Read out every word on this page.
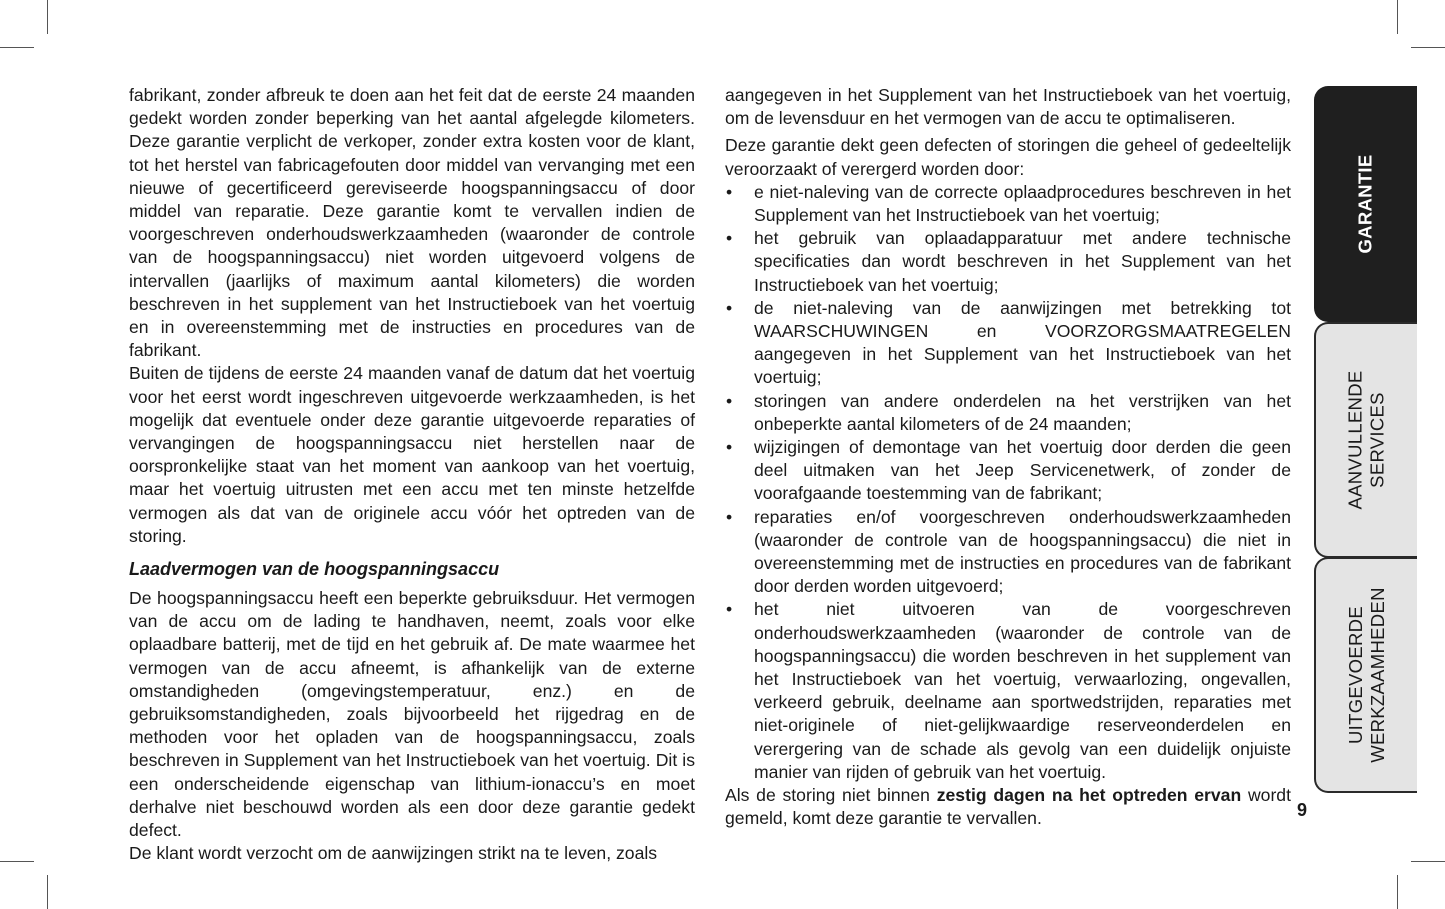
fabrikant, zonder afbreuk te doen aan het feit dat de eerste 24 maanden gedekt worden zonder beperking van het aantal afgelegde kilometers. Deze garantie verplicht de verkoper, zonder extra kosten voor de klant, tot het herstel van fabricagefouten door middel van vervanging met een nieuwe of gecertificeerd gereviseerde hoogspanningsaccu of door middel van reparatie. Deze garantie komt te vervallen indien de voorgeschreven onderhoudswerkzaamheden (waaronder de controle van de hoogspanningsaccu) niet worden uitgevoerd volgens de intervallen (jaarlijks of maximum aantal kilometers) die worden beschreven in het supplement van het Instructieboek van het voertuig en in overeenstemming met de instructies en procedures van de fabrikant.

Buiten de tijdens de eerste 24 maanden vanaf de datum dat het voertuig voor het eerst wordt ingeschreven uitgevoerde werkzaamheden, is het mogelijk dat eventuele onder deze garantie uitgevoerde reparaties of vervangingen de hoogspanningsaccu niet herstellen naar de oorspronkelijke staat van het moment van aankoop van het voertuig, maar het voertuig uitrusten met een accu met ten minste hetzelfde vermogen als dat van de originele accu vóór het optreden van de storing.

Laadvermogen van de hoogspanningsaccu

De hoogspanningsaccu heeft een beperkte gebruiksduur. Het vermogen van de accu om de lading te handhaven, neemt, zoals voor elke oplaadbare batterij, met de tijd en het gebruik af. De mate waarmee het vermogen van de accu afneemt, is afhankelijk van de externe omstandigheden (omgevingstemperatuur, enz.) en de gebruiksomstandigheden, zoals bijvoorbeeld het rijgedrag en de methoden voor het opladen van de hoogspanningsaccu, zoals beschreven in Supplement van het Instructieboek van het voertuig. Dit is een onderscheidende eigenschap van lithium-ionaccu’s en moet derhalve niet beschouwd worden als een door deze garantie gedekt defect.

De klant wordt verzocht om de aanwijzingen strikt na te leven, zoals

aangegeven in het Supplement van het Instructieboek van het voertuig, om de levensduur en het vermogen van de accu te optimaliseren.

Deze garantie dekt geen defecten of storingen die geheel of gedeeltelijk veroorzaakt of verergerd worden door:

• e niet-naleving van de correcte oplaadprocedures beschreven in het Supplement van het Instructieboek van het voertuig;
• het gebruik van oplaadapparatuur met andere technische specificaties dan wordt beschreven in het Supplement van het Instructieboek van het voertuig;
• de niet-naleving van de aanwijzingen met betrekking tot WAARSCHUWINGEN en VOORZORGSMAATREGELEN aangegeven in het Supplement van het Instructieboek van het voertuig;
• storingen van andere onderdelen na het verstrijken van het onbeperkte aantal kilometers of de 24 maanden;
• wijzigingen of demontage van het voertuig door derden die geen deel uitmaken van het Jeep Servicenetwerk, of zonder de voorafgaande toestemming van de fabrikant;
• reparaties en/of voorgeschreven onderhoudswerkzaamheden (waaronder de controle van de hoogspanningsaccu) die niet in overeenstemming met de instructies en procedures van de fabrikant door derden worden uitgevoerd;
• het niet uitvoeren van de voorgeschreven onderhoudswerkzaamheden (waaronder de controle van de hoogspanningsaccu) die worden beschreven in het supplement van het Instructieboek van het voertuig, verwaarlozing, ongevallen, verkeerd gebruik, deelname aan sportwedstrijden, reparaties met niet-originele of niet-gelijkwaardige reserveonderdelen en verergering van de schade als gevolg van een duidelijk onjuiste manier van rijden of gebruik van het voertuig.

Als de storing niet binnen zestig dagen na het optreden ervan wordt gemeld, komt deze garantie te vervallen.

GARANTIE
AANVULLENDE SERVICES
UITGEVOERDE WERKZAAMHEDEN
9
